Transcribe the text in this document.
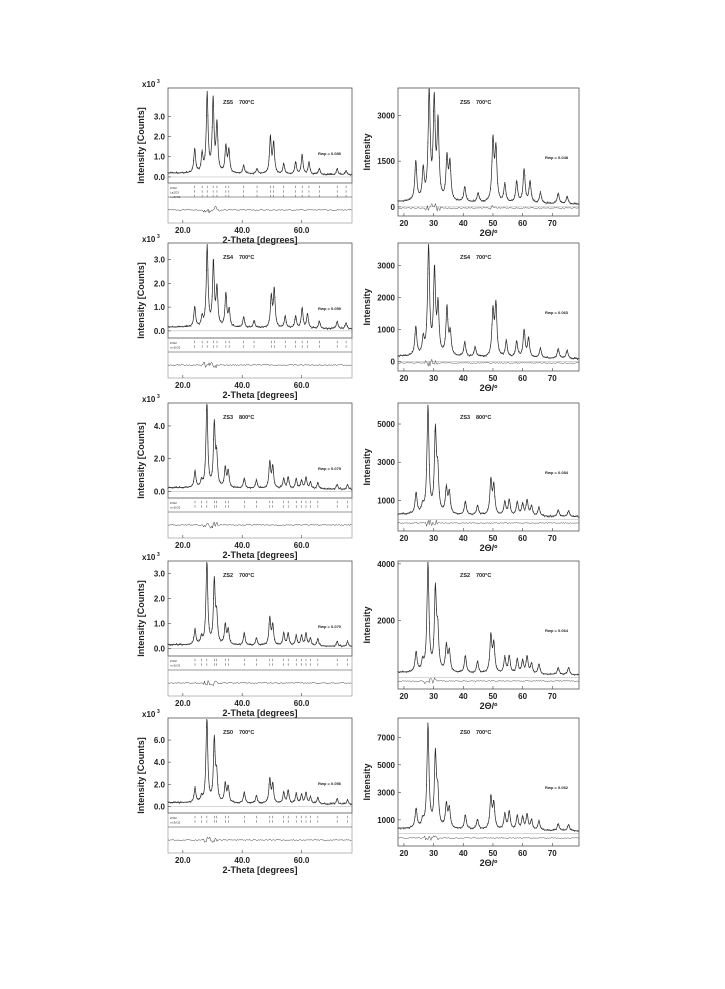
ZrO2
La2O3
m-ZrO2
0.0
1.0
2.0
3.0
20.0	40.0	60.0
2-Theta [degrees]
Intensity [Counts]
x10 3
ZS5 700°C
Rwp = 0.080
0
1500
3000
20	30	40	50	60	70
2Θ/º
Intensity
ZS5 700°C
Rwp = 0.048
ZrO2
m-ZrO2
0.0
1.0
2.0
3.0
20.0	40.0	60.0
2-Theta [degrees]
Intensity [Counts]
x10 3
ZS4 700°C
Rwp = 0.059
0
1000
2000
3000
20	30	40	50	60	70
2Θ/º
Intensity
ZS4 700°C
Rwp = 0.063
ZrO2
m-ZrO2
0.0
2.0
4.0
20.0	40.0	60.0
2-Theta [degrees]
Intensity [Counts]
x10 3
ZS3 800°C
Rwp = 0.075
1000
3000
5000
20	30	40	50	60	70
2Θ/º
Intensity
ZS3 800°C
Rwp = 0.084
ZrO2
m-ZrO2
0.0
1.0
2.0
3.0
20.0	40.0	60.0
2-Theta [degrees]
Intensity [Counts]
x10 3
ZS2 700°C
Rwp = 0.070
2000
4000
20	30	40	50	60	70
2Θ/º
Intensity
ZS2 700°C
Rwp = 0.064
ZrO2
m-ZrO2
0.0
2.0
4.0
6.0
20.0	40.0	60.0
2-Theta [degrees]
Intensity [Counts]
x10 3
ZS0 700°C
Rwp = 0.056
1000
3000
5000
7000
20	30	40	50	60	70
2Θ/º
Intensity
ZS0 700°C
Rwp = 0.062
